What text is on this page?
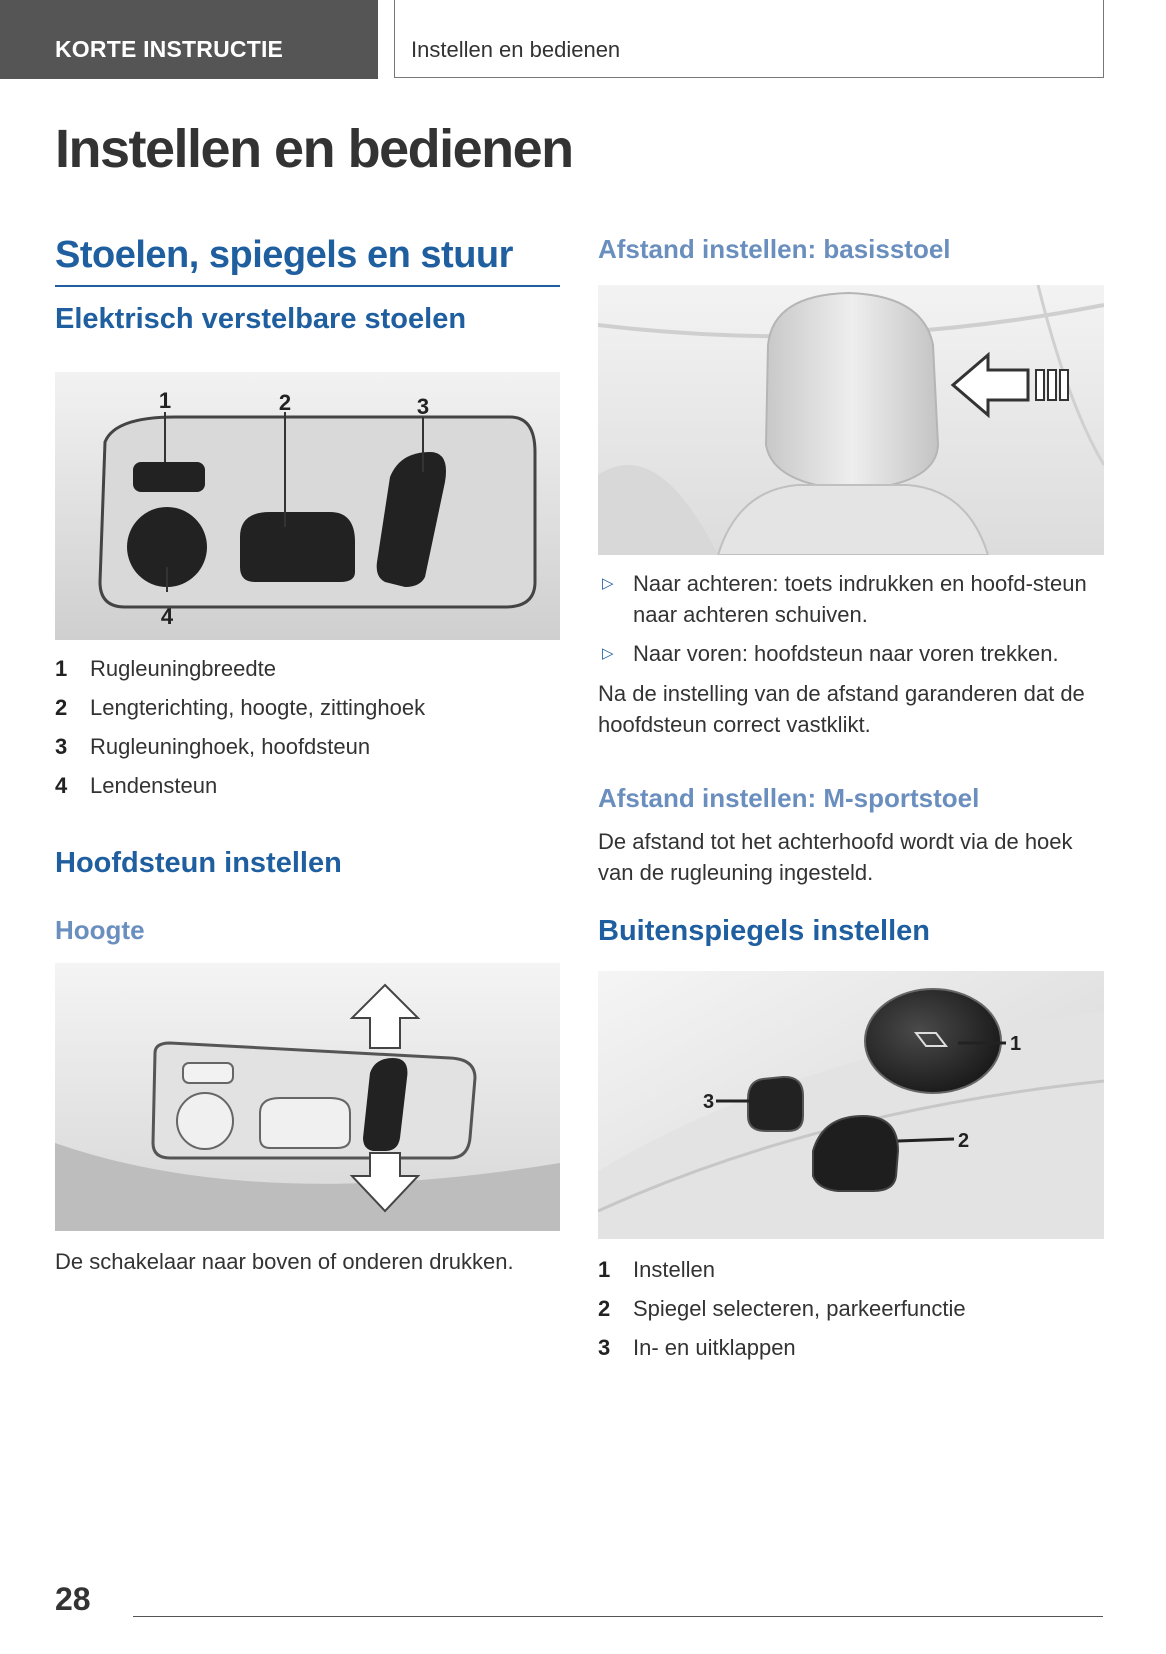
KORTE INSTRUCTIE	Instellen en bedienen
Instellen en bedienen
Stoelen, spiegels en stuur
Elektrisch verstelbare stoelen
1	2	3
4
1 Rugleuningbreedte
2 Lengterichting, hoogte, zittinghoek
3 Rugleuninghoek, hoofdsteun
4 Lendensteun
Hoofdsteun instellen
Hoogte

De schakelaar naar boven of onderen drukken.

Afstand instellen: basisstoel
▷ Naar achteren: toets indrukken en hoofd-steun naar achteren schuiven.
▷ Naar voren: hoofdsteun naar voren trekken.

Na de instelling van de afstand garanderen dat de hoofdsteun correct vastklikt.

Afstand instellen: M-sportstoel

De afstand tot het achterhoofd wordt via de hoek van de rugleuning ingesteld.

Buitenspiegels instellen
1
2
3
1 Instellen
2 Spiegel selecteren, parkeerfunctie
3 In- en uitklappen
28
